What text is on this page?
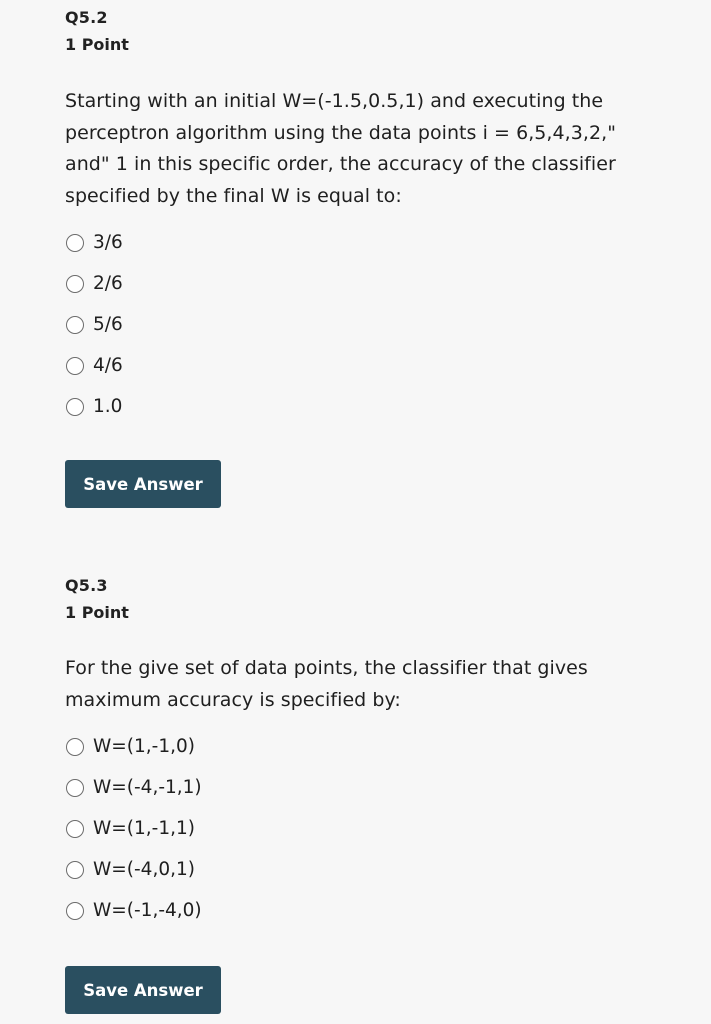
Q5.2
1 Point

Starting with an initial W=(-1.5,0.5,1) and executing the perceptron algorithm using the data points i = 6,5,4,3,2," and" 1 in this specific order, the accuracy of the classifier specified by the final W is equal to:

3/6
2/6
5/6
4/6
1.0
Save Answer
Q5.3
1 Point

For the give set of data points, the classifier that gives maximum accuracy is specified by:

W=(1,-1,0)
W=(-4,-1,1)
W=(1,-1,1)
W=(-4,0,1)
W=(-1,-4,0)
Save Answer
